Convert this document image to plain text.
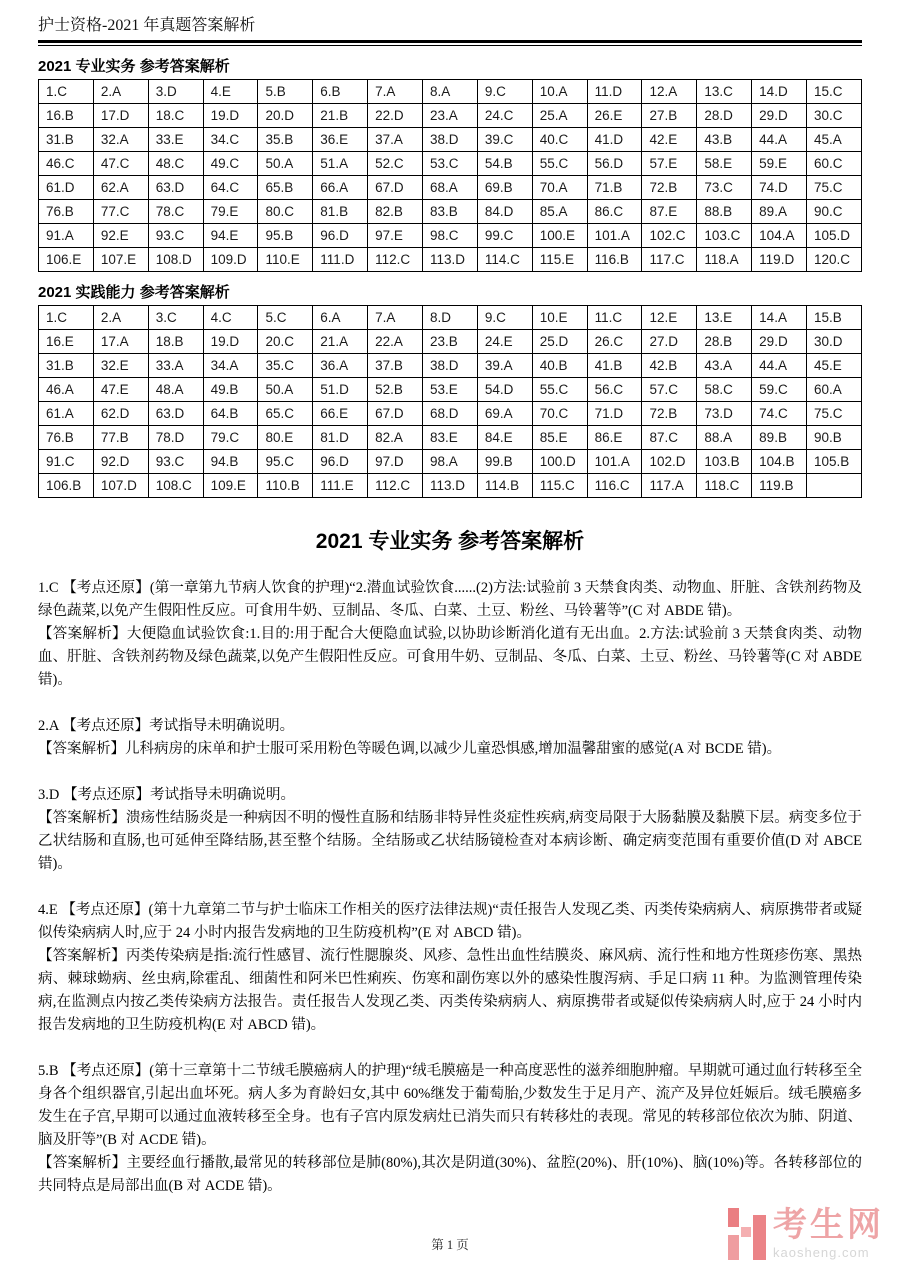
护士资格-2021 年真题答案解析
2021 专业实务 参考答案解析
1.C	2.A	3.D	4.E	5.B	6.B	7.A	8.A	9.C	10.A	11.D	12.A	13.C	14.D	15.C
16.B	17.D	18.C	19.D	20.D	21.B	22.D	23.A	24.C	25.A	26.E	27.B	28.D	29.D	30.C
31.B	32.A	33.E	34.C	35.B	36.E	37.A	38.D	39.C	40.C	41.D	42.E	43.B	44.A	45.A
46.C	47.C	48.C	49.C	50.A	51.A	52.C	53.C	54.B	55.C	56.D	57.E	58.E	59.E	60.C
61.D	62.A	63.D	64.C	65.B	66.A	67.D	68.A	69.B	70.A	71.B	72.B	73.C	74.D	75.C
76.B	77.C	78.C	79.E	80.C	81.B	82.B	83.B	84.D	85.A	86.C	87.E	88.B	89.A	90.C
91.A	92.E	93.C	94.E	95.B	96.D	97.E	98.C	99.C	100.E	101.A	102.C	103.C	104.A	105.D
106.E	107.E	108.D	109.D	110.E	111.D	112.C	113.D	114.C	115.E	116.B	117.C	118.A	119.D	120.C
2021 实践能力 参考答案解析
1.C	2.A	3.C	4.C	5.C	6.A	7.A	8.D	9.C	10.E	11.C	12.E	13.E	14.A	15.B
16.E	17.A	18.B	19.D	20.C	21.A	22.A	23.B	24.E	25.D	26.C	27.D	28.B	29.D	30.D
31.B	32.E	33.A	34.A	35.C	36.A	37.B	38.D	39.A	40.B	41.B	42.B	43.A	44.A	45.E
46.A	47.E	48.A	49.B	50.A	51.D	52.B	53.E	54.D	55.C	56.C	57.C	58.C	59.C	60.A
61.A	62.D	63.D	64.B	65.C	66.E	67.D	68.D	69.A	70.C	71.D	72.B	73.D	74.C	75.C
76.B	77.B	78.D	79.C	80.E	81.D	82.A	83.E	84.E	85.E	86.E	87.C	88.A	89.B	90.B
91.C	92.D	93.C	94.B	95.C	96.D	97.D	98.A	99.B	100.D	101.A	102.D	103.B	104.B	105.B
106.B	107.D	108.C	109.E	110.B	111.E	112.C	113.D	114.B	115.C	116.C	117.A	118.C	119.B	
2021 专业实务 参考答案解析

1.C 【考点还原】(第一章第九节病人饮食的护理)“2.潜血试验饮食......(2)方法:试验前 3 天禁食肉类、动物血、肝脏、含铁剂药物及绿色蔬菜,以免产生假阳性反应。可食用牛奶、豆制品、冬瓜、白菜、土豆、粉丝、马铃薯等”(C 对 ABDE 错)。

【答案解析】大便隐血试验饮食:1.目的:用于配合大便隐血试验,以协助诊断消化道有无出血。2.方法:试验前 3 天禁食肉类、动物血、肝脏、含铁剂药物及绿色蔬菜,以免产生假阳性反应。可食用牛奶、豆制品、冬瓜、白菜、土豆、粉丝、马铃薯等(C 对 ABDE 错)。

2.A 【考点还原】考试指导未明确说明。

【答案解析】儿科病房的床单和护士服可采用粉色等暖色调,以减少儿童恐惧感,增加温馨甜蜜的感觉(A 对 BCDE 错)。

3.D 【考点还原】考试指导未明确说明。

【答案解析】溃疡性结肠炎是一种病因不明的慢性直肠和结肠非特异性炎症性疾病,病变局限于大肠黏膜及黏膜下层。病变多位于乙状结肠和直肠,也可延伸至降结肠,甚至整个结肠。全结肠或乙状结肠镜检查对本病诊断、确定病变范围有重要价值(D 对 ABCE 错)。

4.E 【考点还原】(第十九章第二节与护士临床工作相关的医疗法律法规)“责任报告人发现乙类、丙类传染病病人、病原携带者或疑似传染病病人时,应于 24 小时内报告发病地的卫生防疫机构”(E 对 ABCD 错)。

【答案解析】丙类传染病是指:流行性感冒、流行性腮腺炎、风疹、急性出血性结膜炎、麻风病、流行性和地方性斑疹伤寒、黑热病、棘球蚴病、丝虫病,除霍乱、细菌性和阿米巴性痢疾、伤寒和副伤寒以外的感染性腹泻病、手足口病 11 种。为监测管理传染病,在监测点内按乙类传染病方法报告。责任报告人发现乙类、丙类传染病病人、病原携带者或疑似传染病病人时,应于 24 小时内报告发病地的卫生防疫机构(E 对 ABCD 错)。

5.B 【考点还原】(第十三章第十二节绒毛膜癌病人的护理)“绒毛膜癌是一种高度恶性的滋养细胞肿瘤。早期就可通过血行转移至全身各个组织器官,引起出血坏死。病人多为育龄妇女,其中 60%继发于葡萄胎,少数发生于足月产、流产及异位妊娠后。绒毛膜癌多发生在子宫,早期可以通过血液转移至全身。也有子宫内原发病灶已消失而只有转移灶的表现。常见的转移部位依次为肺、阴道、脑及肝等”(B 对 ACDE 错)。

【答案解析】主要经血行播散,最常见的转移部位是肺(80%),其次是阴道(30%)、盆腔(20%)、肝(10%)、脑(10%)等。各转移部位的共同特点是局部出血(B 对 ACDE 错)。

第 1 页
考生网
kaosheng.com
